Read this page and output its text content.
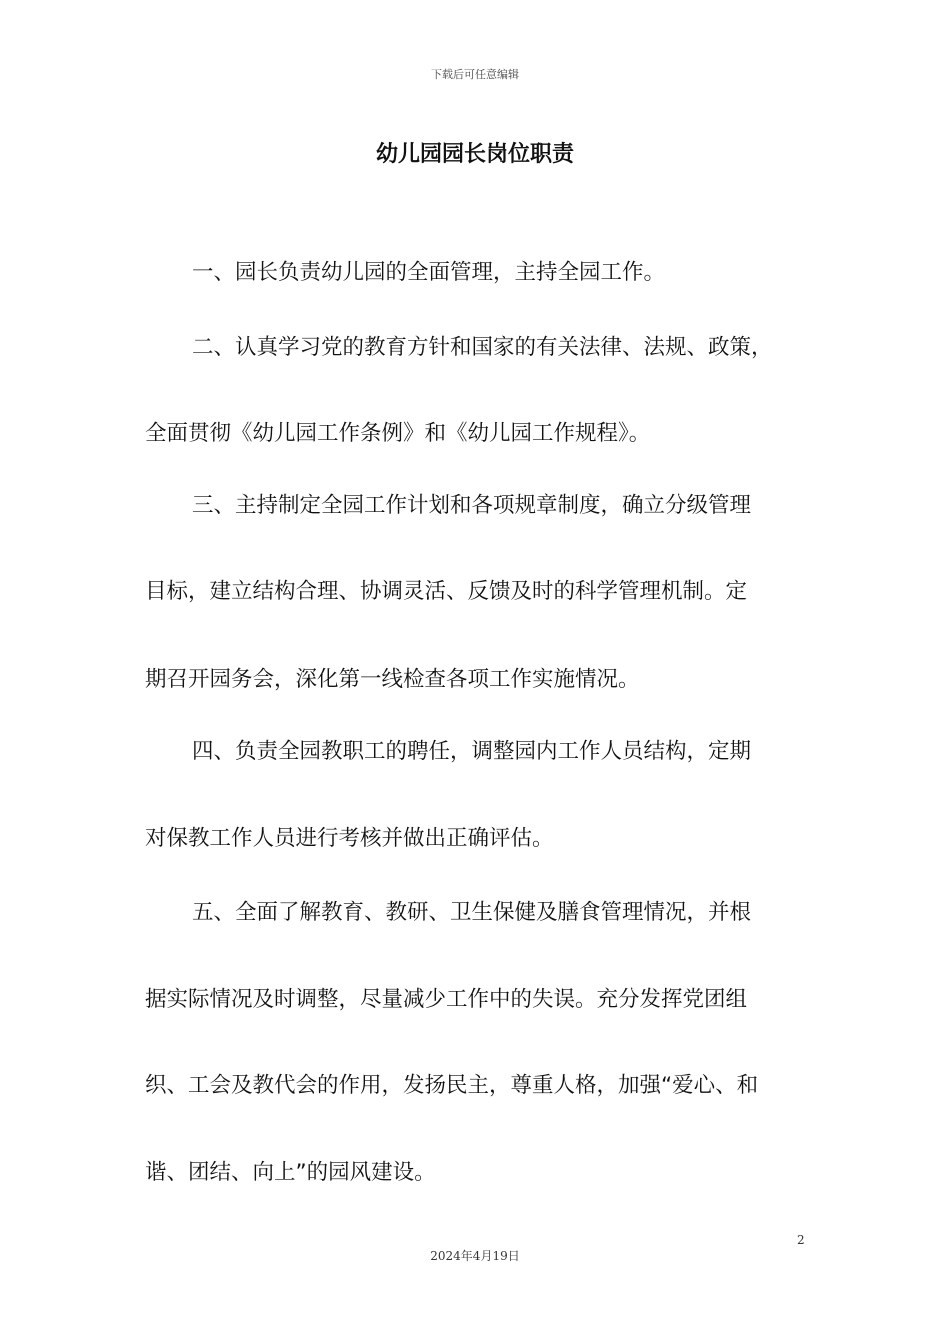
下载后可任意编辑
幼儿园园长岗位职责
一、园长负责幼儿园的全面管理，主持全园工作。
二、认真学习党的教育方针和国家的有关法律、法规、政策，
全面贯彻《幼儿园工作条例》和《幼儿园工作规程》。
三、主持制定全园工作计划和各项规章制度，确立分级管理
目标，建立结构合理、协调灵活、反馈及时的科学管理机制。定
期召开园务会，深化第一线检查各项工作实施情况。
四、负责全园教职工的聘任，调整园内工作人员结构，定期
对保教工作人员进行考核并做出正确评估。
五、全面了解教育、教研、卫生保健及膳食管理情况，并根
据实际情况及时调整，尽量减少工作中的失误。充分发挥党团组
织、工会及教代会的作用，发扬民主，尊重人格，加强“爱心、和
谐、团结、向上”的园风建设。
2
2024年4月19日
